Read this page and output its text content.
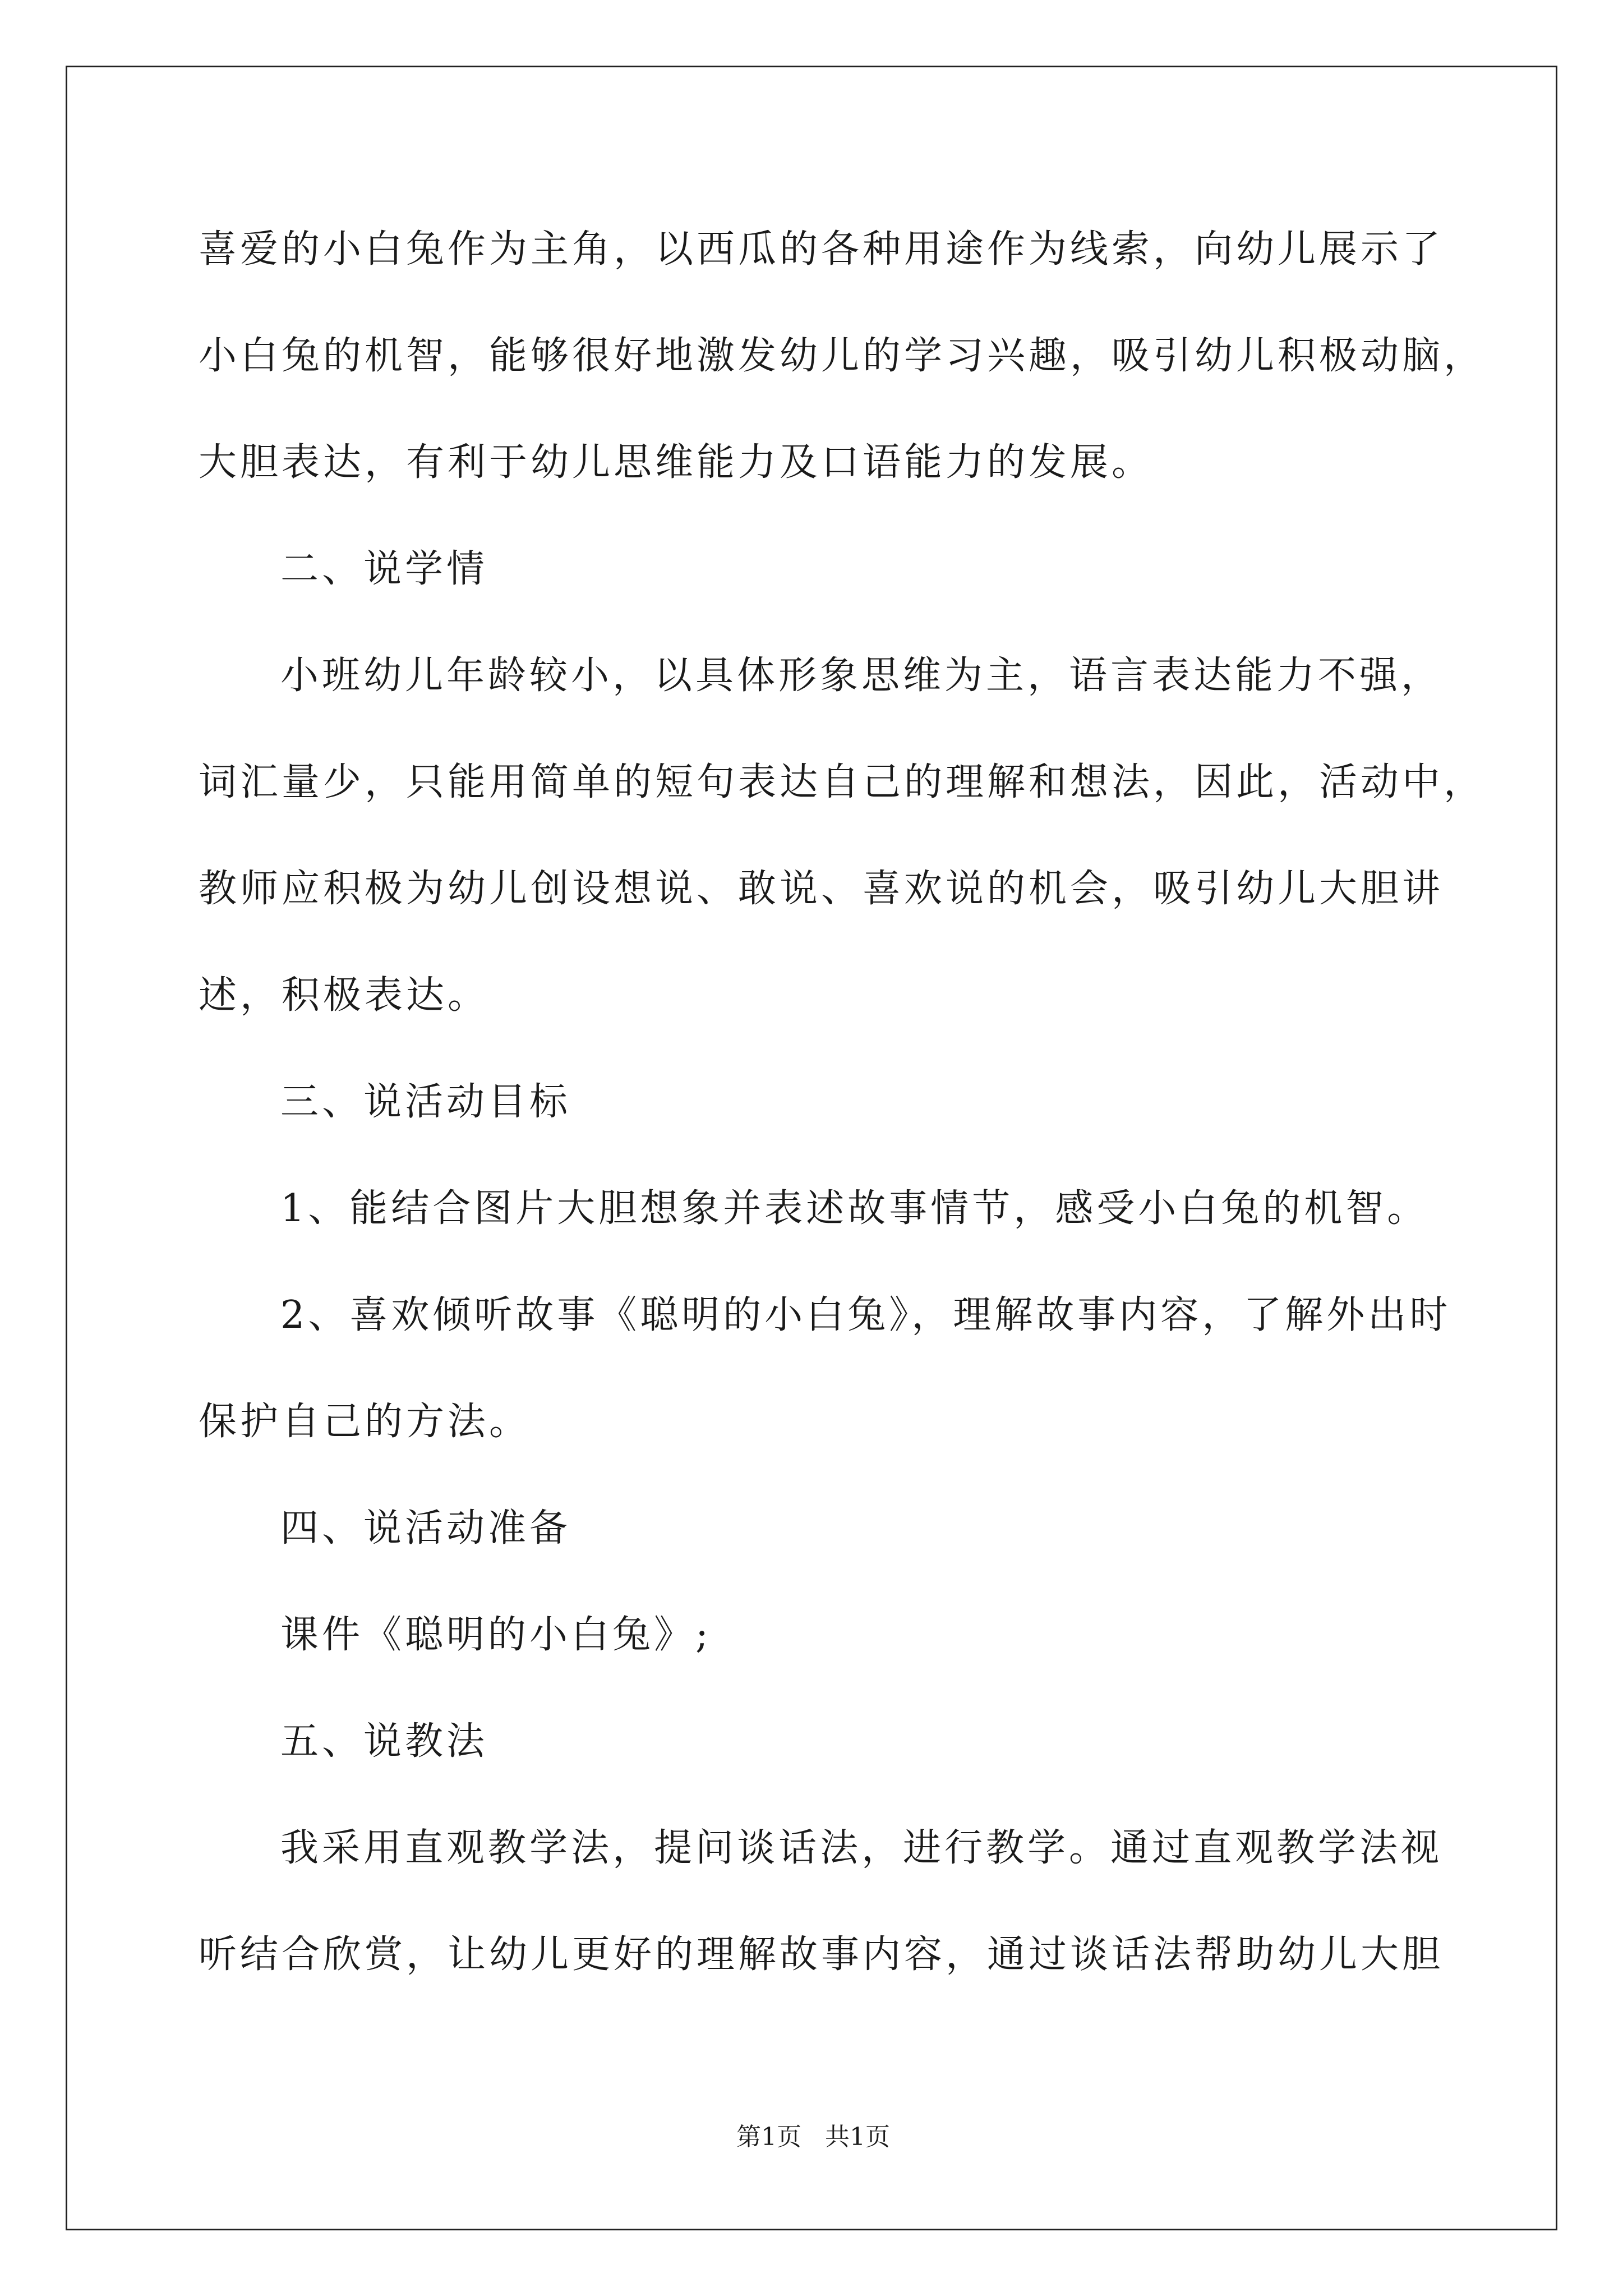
喜爱的小白兔作为主角，以西瓜的各种用途作为线索，向幼儿展示了
小白兔的机智，能够很好地激发幼儿的学习兴趣，吸引幼儿积极动脑，
大胆表达，有利于幼儿思维能力及口语能力的发展。
二、说学情
小班幼儿年龄较小，以具体形象思维为主，语言表达能力不强，
词汇量少，只能用简单的短句表达自己的理解和想法，因此，活动中，
教师应积极为幼儿创设想说、敢说、喜欢说的机会，吸引幼儿大胆讲
述，积极表达。
三、说活动目标
1、能结合图片大胆想象并表述故事情节，感受小白兔的机智。
2、喜欢倾听故事《聪明的小白兔》，理解故事内容，了解外出时
保护自己的方法。
四、说活动准备
课件《聪明的小白兔》;
五、说教法
我采用直观教学法，提问谈话法，进行教学。通过直观教学法视
听结合欣赏，让幼儿更好的理解故事内容，通过谈话法帮助幼儿大胆
第1页   共1页
